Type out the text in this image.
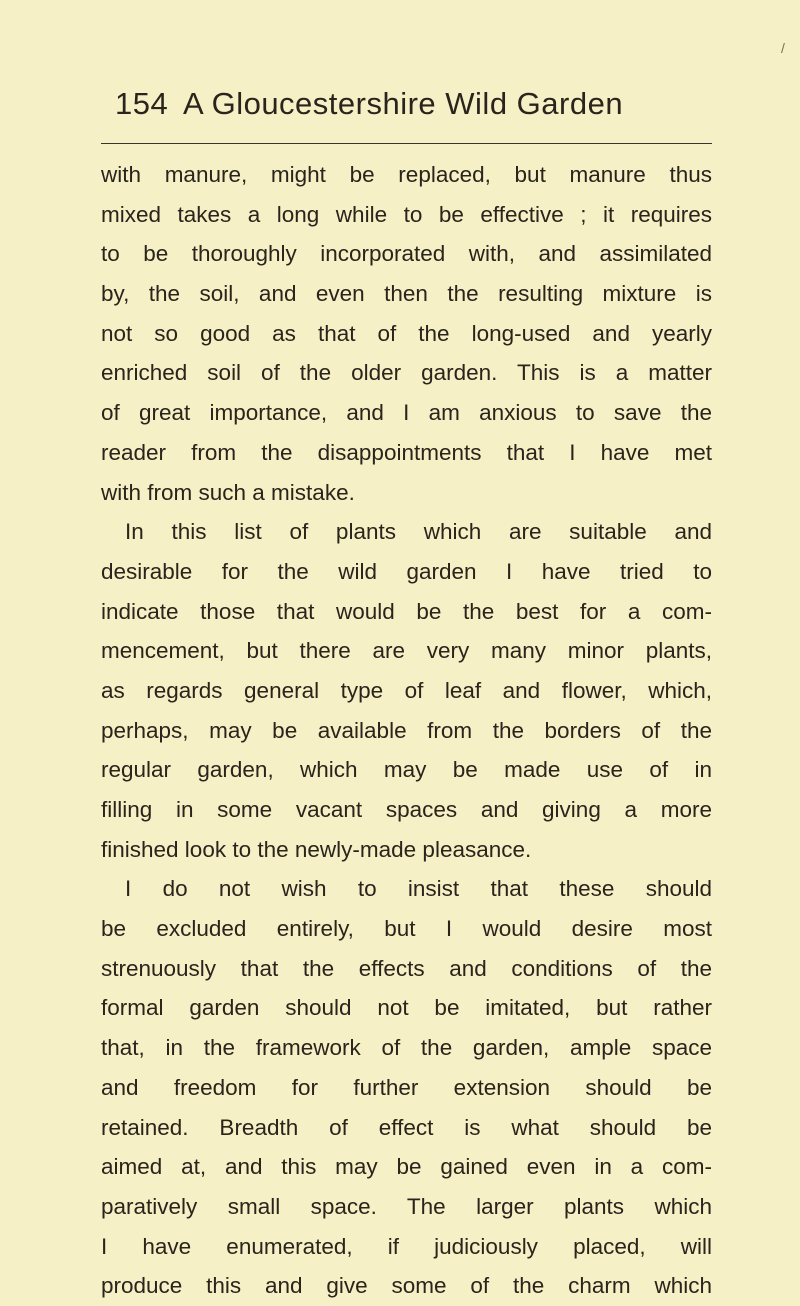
/
154 A Gloucestershire Wild Garden
with manure, might be replaced, but manure thus
mixed takes a long while to be effective ; it requires
to be thoroughly incorporated with, and assimilated
by, the soil, and even then the resulting mixture is
not so good as that of the long-used and yearly
enriched soil of the older garden. This is a matter
of great importance, and I am anxious to save the
reader from the disappointments that I have met
with from such a mistake.
In this list of plants which are suitable and
desirable for the wild garden I have tried to
indicate those that would be the best for a com-
mencement, but there are very many minor plants,
as regards general type of leaf and flower, which,
perhaps, may be available from the borders of the
regular garden, which may be made use of in
filling in some vacant spaces and giving a more
finished look to the newly-made pleasance.
I do not wish to insist that these should
be excluded entirely, but I would desire most
strenuously that the effects and conditions of the
formal garden should not be imitated, but rather
that, in the framework of the garden, ample space
and freedom for further extension should be
retained. Breadth of effect is what should be
aimed at, and this may be gained even in a com-
paratively small space. The larger plants which
I have enumerated, if judiciously placed, will
produce this and give some of the charm which
